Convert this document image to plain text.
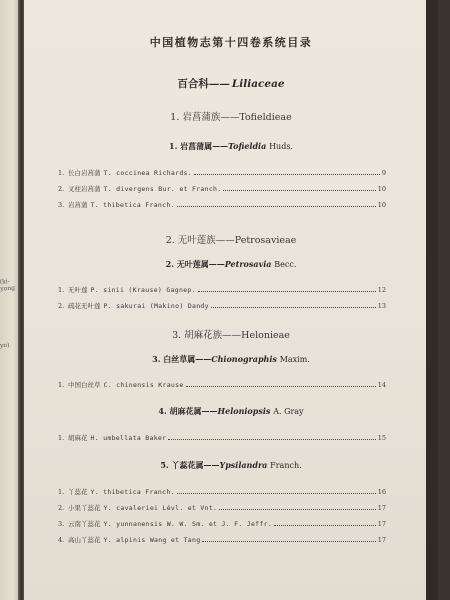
(ki-yong
yo)
中国植物志第十四卷系统目录
百合科—— Liliaceae
1. 岩菖蒲族——Tofieldieae
1. 岩菖蒲属——Tofieldia Huds.
1. 长白岩菖蒲 T. coccinea Richards.	9
2. 叉柱岩菖蒲 T. divergens Bur. et Franch.	10
3. 岩菖蒲 T. thibetica Franch.	10
2. 无叶莲族——Petrosavieae
2. 无叶莲属——Petrosavia Becc.
1. 无叶莲 P. sinii (Krause) Gagnep.	12
2. 疏花无叶莲 P. sakurai (Makino) Dandy	13
3. 胡麻花族——Helonieae
3. 白丝草属——Chionographis Maxim.
1. 中国白丝草 C. chinensis Krause	14
4. 胡麻花属——Heloniopsis A. Gray
1. 胡麻花 H. umbellata Baker	15
5. 丫蕊花属——Ypsilandra Franch.
1. 丫蕊花 Y. thibetica Franch.	16
2. 小果丫蕊花 Y. cavaleriei Lévl. et Vnt.	17
3. 云南丫蕊花 Y. yunnanensis W. W. Sm. et J. F. Jeffr.	17
4. 高山丫蕊花 Y. alpinis Wang et Tang	17
